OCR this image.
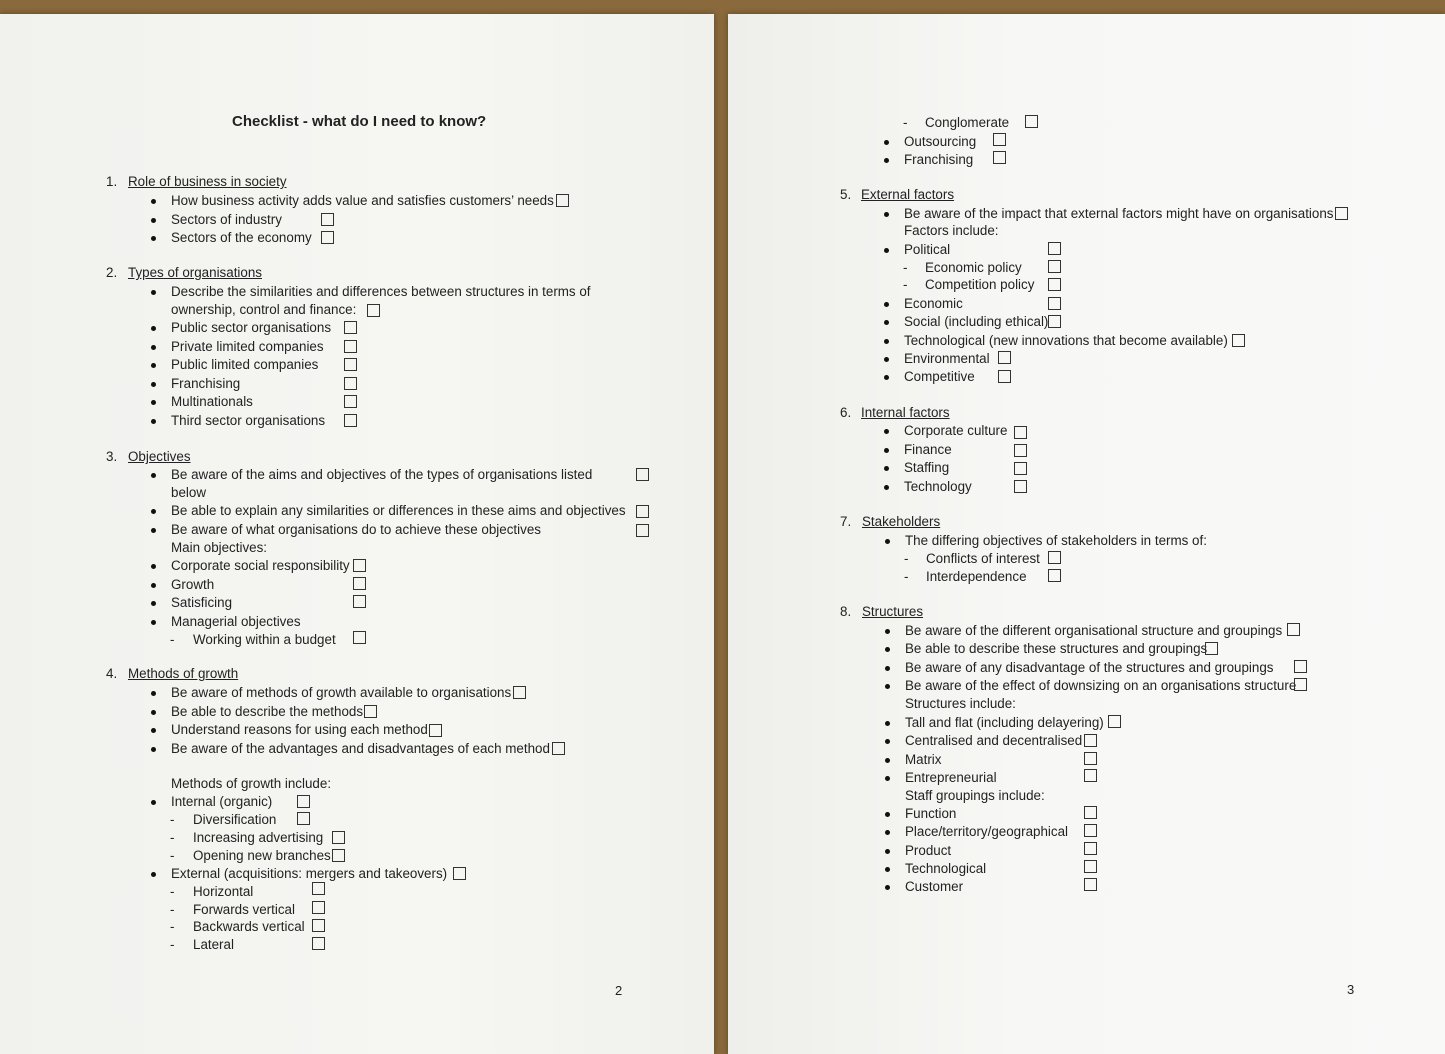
Checklist - what do I need to know?
1. Role of business in society
How business activity adds value and satisfies customers’ needs
Sectors of industry
Sectors of the economy
2. Types of organisations
Describe the similarities and differences between structures in terms of
ownership, control and finance:
Public sector organisations
Private limited companies
Public limited companies
Franchising
Multinationals
Third sector organisations
3. Objectives
Be aware of the aims and objectives of the types of organisations listed
below
Be able to explain any similarities or differences in these aims and objectives
Be aware of what organisations do to achieve these objectives
Main objectives:
Corporate social responsibility
Growth
Satisficing
Managerial objectives
- Working within a budget
4. Methods of growth
Be aware of methods of growth available to organisations
Be able to describe the methods
Understand reasons for using each method
Be aware of the advantages and disadvantages of each method
Methods of growth include:
Internal (organic)
- Diversification
- Increasing advertising
- Opening new branches
External (acquisitions: mergers and takeovers)
- Horizontal
- Forwards vertical
- Backwards vertical
- Lateral
2
- Conglomerate
Outsourcing
Franchising
5. External factors
Be aware of the impact that external factors might have on organisations
Factors include:
Political
- Economic policy
- Competition policy
Economic
Social (including ethical)
Technological (new innovations that become available)
Environmental
Competitive
6. Internal factors
Corporate culture
Finance
Staffing
Technology
7. Stakeholders
The differing objectives of stakeholders in terms of:
- Conflicts of interest
- Interdependence
8. Structures
Be aware of the different organisational structure and groupings
Be able to describe these structures and groupings
Be aware of any disadvantage of the structures and groupings
Be aware of the effect of downsizing on an organisations structure
Structures include:
Tall and flat (including delayering)
Centralised and decentralised
Matrix
Entrepreneurial
Staff groupings include:
Function
Place/territory/geographical
Product
Technological
Customer
3
